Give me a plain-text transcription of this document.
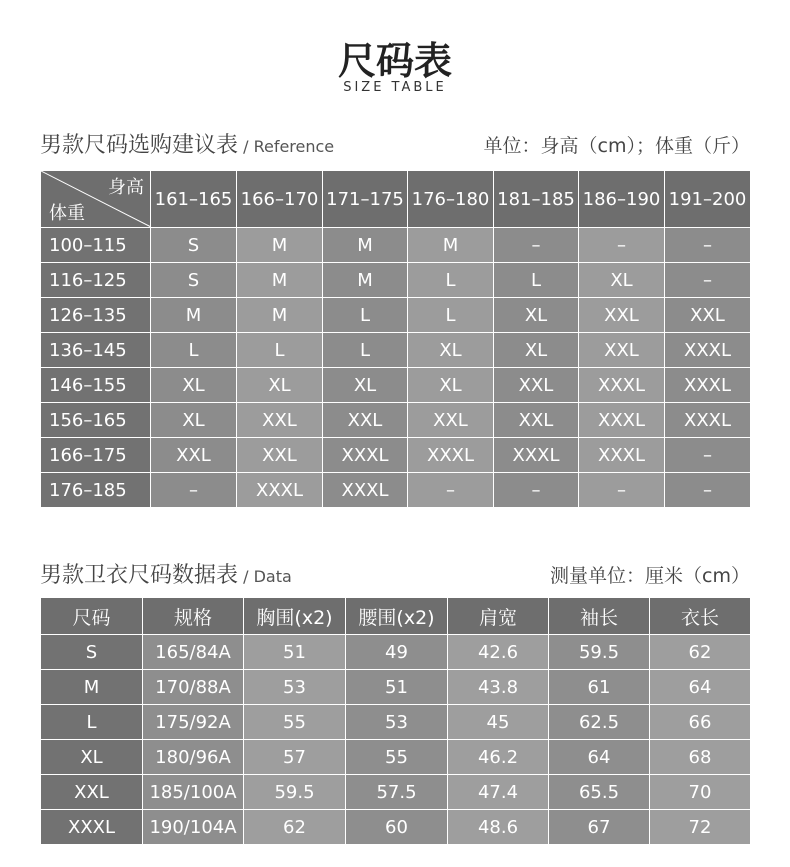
尺码表
SIZE TABLE
男款尺码选购建议表 / Reference	单位：身高（cm）；体重（斤）
身高
体重	161–165	166–170	171–175	176–180	181–185	186–190	191–200
100–115	S	M	M	M	–	–	–
116–125	S	M	M	L	L	XL	–
126–135	M	M	L	L	XL	XXL	XXL
136–145	L	L	L	XL	XL	XXL	XXXL
146–155	XL	XL	XL	XL	XXL	XXXL	XXXL
156–165	XL	XXL	XXL	XXL	XXL	XXXL	XXXL
166–175	XXL	XXL	XXXL	XXXL	XXXL	XXXL	–
176–185	–	XXXL	XXXL	–	–	–	–
男款卫衣尺码数据表 / Data	测量单位：厘米（cm）
尺码	规格	胸围(x2)	腰围(x2)	肩宽	袖长	衣长
S	165/84A	51	49	42.6	59.5	62
M	170/88A	53	51	43.8	61	64
L	175/92A	55	53	45	62.5	66
XL	180/96A	57	55	46.2	64	68
XXL	185/100A	59.5	57.5	47.4	65.5	70
XXXL	190/104A	62	60	48.6	67	72
